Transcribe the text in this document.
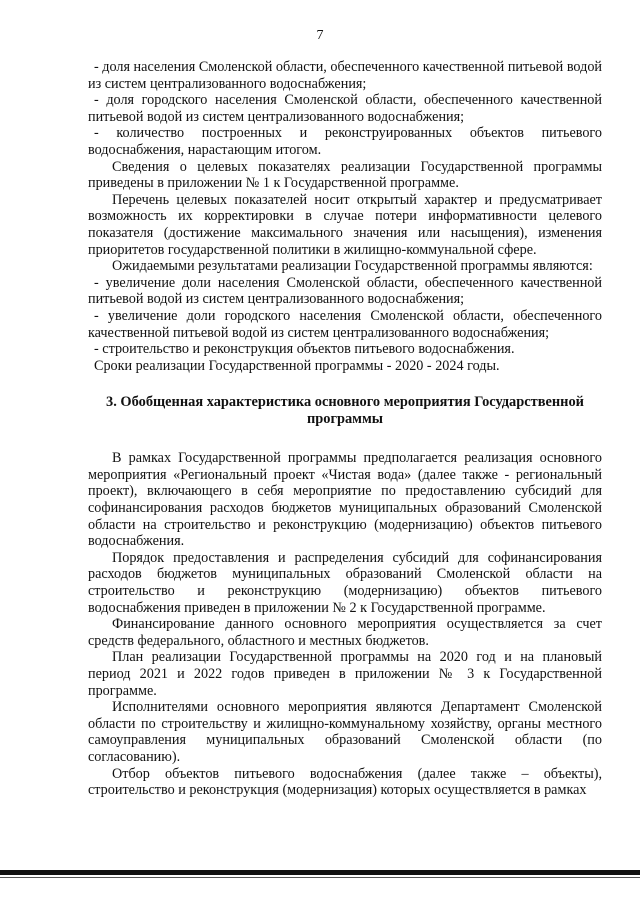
7

- доля населения Смоленской области, обеспеченного качественной питьевой водой из систем централизованного водоснабжения;

- доля городского населения Смоленской области, обеспеченного качественной питьевой водой из систем централизованного водоснабжения;

- количество построенных и реконструированных объектов питьевого водоснабжения, нарастающим итогом.

Сведения о целевых показателях реализации Государственной программы приведены в приложении № 1 к Государственной программе.

Перечень целевых показателей носит открытый характер и предусматривает возможность их корректировки в случае потери информативности целевого показателя (достижение максимального значения или насыщения), изменения приоритетов государственной политики в жилищно-коммунальной сфере.

Ожидаемыми результатами реализации Государственной программы являются:

- увеличение доли населения Смоленской области, обеспеченного качественной питьевой водой из систем централизованного водоснабжения;

- увеличение доли городского населения Смоленской области, обеспеченного качественной питьевой водой из систем централизованного водоснабжения;

- строительство и реконструкция объектов питьевого водоснабжения.

Сроки реализации Государственной программы - 2020 - 2024 годы.

3. Обобщенная характеристика основного мероприятия Государственной программы

В рамках Государственной программы предполагается реализация основного мероприятия «Региональный проект «Чистая вода» (далее также - региональный проект), включающего в себя мероприятие по предоставлению субсидий для софинансирования расходов бюджетов муниципальных образований Смоленской области на строительство и реконструкцию (модернизацию) объектов питьевого водоснабжения.

Порядок предоставления и распределения субсидий для софинансирования расходов бюджетов муниципальных образований Смоленской области на строительство и реконструкцию (модернизацию) объектов питьевого водоснабжения приведен в приложении № 2 к Государственной программе.

Финансирование данного основного мероприятия осуществляется за счет средств федерального, областного и местных бюджетов.

План реализации Государственной программы на 2020 год и на плановый период 2021 и 2022 годов приведен в приложении № 3 к Государственной программе.

Исполнителями основного мероприятия являются Департамент Смоленской области по строительству и жилищно-коммунальному хозяйству, органы местного самоуправления муниципальных образований Смоленской области (по согласованию).

Отбор объектов питьевого водоснабжения (далее также – объекты), строительство и реконструкция (модернизация) которых осуществляется в рамках
